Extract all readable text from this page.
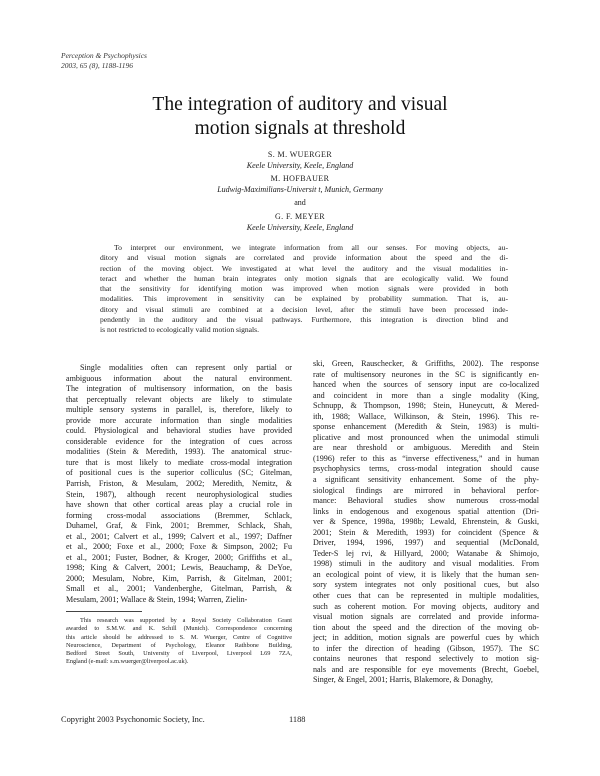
Perception & Psychophysics
2003, 65 (8), 1188-1196
The integration of auditory and visual
motion signals at threshold
S. M. WUERGER
Keele University, Keele, England
M. HOFBAUER
Ludwig-Maximilians-Universit t, Munich, Germany
and
G. F. MEYER
Keele University, Keele, England
To interpret our environment, we integrate information from all our senses. For moving objects, au-
ditory and visual motion signals are correlated and provide information about the speed and the di-
rection of the moving object. We investigated at what level the auditory and the visual modalities in-
teract and whether the human brain integrates only motion signals that are ecologically valid. We found
that the sensitivity for identifying motion was improved when motion signals were provided in both
modalities. This improvement in sensitivity can be explained by probability summation. That is, au-
ditory and visual stimuli are combined at a decision level, after the stimuli have been processed inde-
pendently in the auditory and the visual pathways. Furthermore, this integration is direction blind and
is not restricted to ecologically valid motion signals.
Single modalities often can represent only partial or
ambiguous information about the natural environment.
The integration of multisensory information, on the basis
that perceptually relevant objects are likely to stimulate
multiple sensory systems in parallel, is, therefore, likely to
provide more accurate information than single modalities
could. Physiological and behavioral studies have provided
considerable evidence for the integration of cues across
modalities (Stein & Meredith, 1993). The anatomical struc-
ture that is most likely to mediate cross-modal integration
of positional cues is the superior colliculus (SC; Gitelman,
Parrish, Friston, & Mesulam, 2002; Meredith, Nemitz, &
Stein, 1987), although recent neurophysiological studies
have shown that other cortical areas play a crucial role in
forming cross-modal associations (Bremmer, Schlack,
Duhamel, Graf, & Fink, 2001; Bremmer, Schlack, Shah,
et al., 2001; Calvert et al., 1999; Calvert et al., 1997; Daffner
et al., 2000; Foxe et al., 2000; Foxe & Simpson, 2002; Fu
et al., 2001; Fuster, Bodner, & Kroger, 2000; Griffiths et al.,
1998; King & Calvert, 2001; Lewis, Beauchamp, & DeYoe,
2000; Mesulam, Nobre, Kim, Parrish, & Gitelman, 2001;
Small et al., 2001; Vandenberghe, Gitelman, Parrish, &
Mesulam, 2001; Wallace & Stein, 1994; Warren, Zielin-
ski, Green, Rauschecker, & Griffiths, 2002). The response
rate of multisensory neurones in the SC is significantly en-
hanced when the sources of sensory input are co-localized
and coincident in more than a single modality (King,
Schnupp, & Thompson, 1998; Stein, Huneycutt, & Mered-
ith, 1988; Wallace, Wilkinson, & Stein, 1996). This re-
sponse enhancement (Meredith & Stein, 1983) is multi-
plicative and most pronounced when the unimodal stimuli
are near threshold or ambiguous. Meredith and Stein
(1996) refer to this as “inverse effectiveness,” and in human
psychophysics terms, cross-modal integration should cause
a significant sensitivity enhancement. Some of the phy-
siological findings are mirrored in behavioral perfor-
mance: Behavioral studies show numerous cross-modal
links in endogenous and exogenous spatial attention (Dri-
ver & Spence, 1998a, 1998b; Lewald, Ehrenstein, & Guski,
2001; Stein & Meredith, 1993) for coincident (Spence &
Driver, 1994, 1996, 1997) and sequential (McDonald,
Teder-S lej rvi, & Hillyard, 2000; Watanabe & Shimojo,
1998) stimuli in the auditory and visual modalities. From
an ecological point of view, it is likely that the human sen-
sory system integrates not only positional cues, but also
other cues that can be represented in multiple modalities,
such as coherent motion. For moving objects, auditory and
visual motion signals are correlated and provide informa-
tion about the speed and the direction of the moving ob-
ject; in addition, motion signals are powerful cues by which
to infer the direction of heading (Gibson, 1957). The SC
contains neurones that respond selectively to motion sig-
nals and are responsible for eye movements (Brecht, Goebel,
Singer, & Engel, 2001; Harris, Blakemore, & Donaghy,
This research was supported by a Royal Society Collaboration Grant
awarded to S.M.W. and K. Schill (Munich). Correspondence concerning
this article should be addressed to S. M. Wuerger, Centre of Cognitive
Neuroscience, Department of Psychology, Eleanor Rathbone Building,
Bedford Street South, University of Liverpool, Liverpool L69 7ZA,
England (e-mail: s.m.wuerger@liverpool.ac.uk).
Copyright 2003 Psychonomic Society, Inc.	1188
